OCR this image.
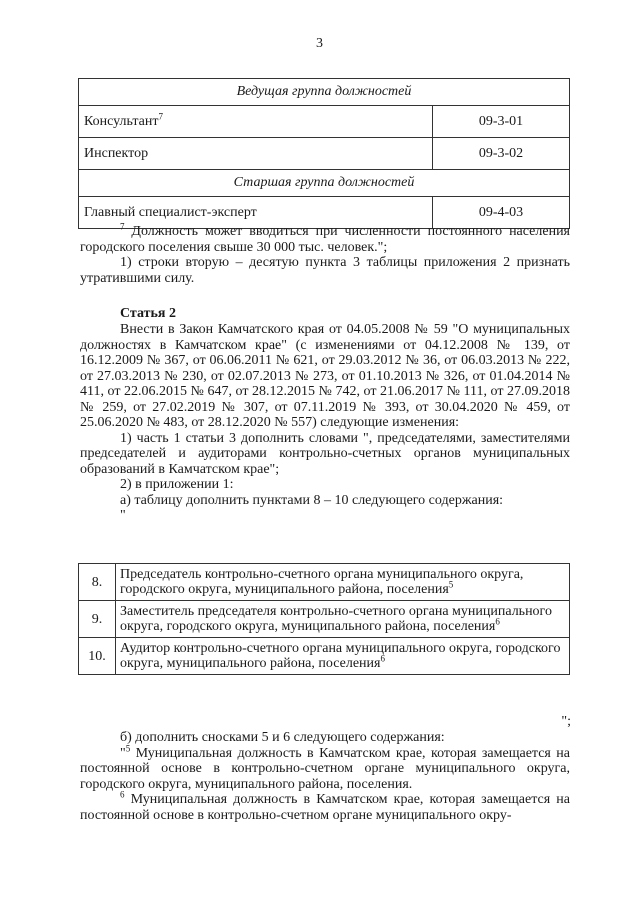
3
Ведущая группа должностей	
Консультант$^7$	09-3-01
Инспектор	09-3-02
Старшая группа должностей	
Главный специалист-эксперт	09-4-03

$^7$ Должность может вводиться при численности постоянного населения городского поселения свыше 30 000 тыс. человек.";

1) строки вторую – десятую пункта 3 таблицы приложения 2 признать утратившими силу.

Статья 2

Внести в Закон Камчатского края от 04.05.2008 № 59 "О муниципальных должностях в Камчатском крае" (с изменениями от 04.12.2008 № 139, от 16.12.2009 № 367, от 06.06.2011 № 621, от 29.03.2012 № 36, от 06.03.2013 № 222, от 27.03.2013 № 230, от 02.07.2013 № 273, от 01.10.2013 № 326, от 01.04.2014 № 411, от 22.06.2015 № 647, от 28.12.2015 № 742, от 21.06.2017 № 111, от 27.09.2018 № 259, от 27.02.2019 № 307, от 07.11.2019 № 393, от 30.04.2020 № 459, от 25.06.2020 № 483, от 28.12.2020 № 557) следующие изменения:

1) часть 1 статьи 3 дополнить словами ", председателями, заместителями председателей и аудиторами контрольно-счетных органов муниципальных образований в Камчатском крае";

2) в приложении 1:

а) таблицу дополнить пунктами 8 – 10 следующего содержания:

"

8.	Председатель контрольно-счетного органа муниципального округа, городского округа, муниципального района, поселения$^5$
9.	Заместитель председателя контрольно-счетного органа муниципального округа, городского округа, муниципального района, поселения$^6$
10.	Аудитор контрольно-счетного органа муниципального округа, городского округа, муниципального района, поселения$^6$
";

б) дополнить сносками 5 и 6 следующего содержания:

"$^5$ Муниципальная должность в Камчатском крае, которая замещается на постоянной основе в контрольно-счетном органе муниципального округа, городского округа, муниципального района, поселения.

$^6$ Муниципальная должность в Камчатском крае, которая замещается на постоянной основе в контрольно-счетном органе муниципального окру-
